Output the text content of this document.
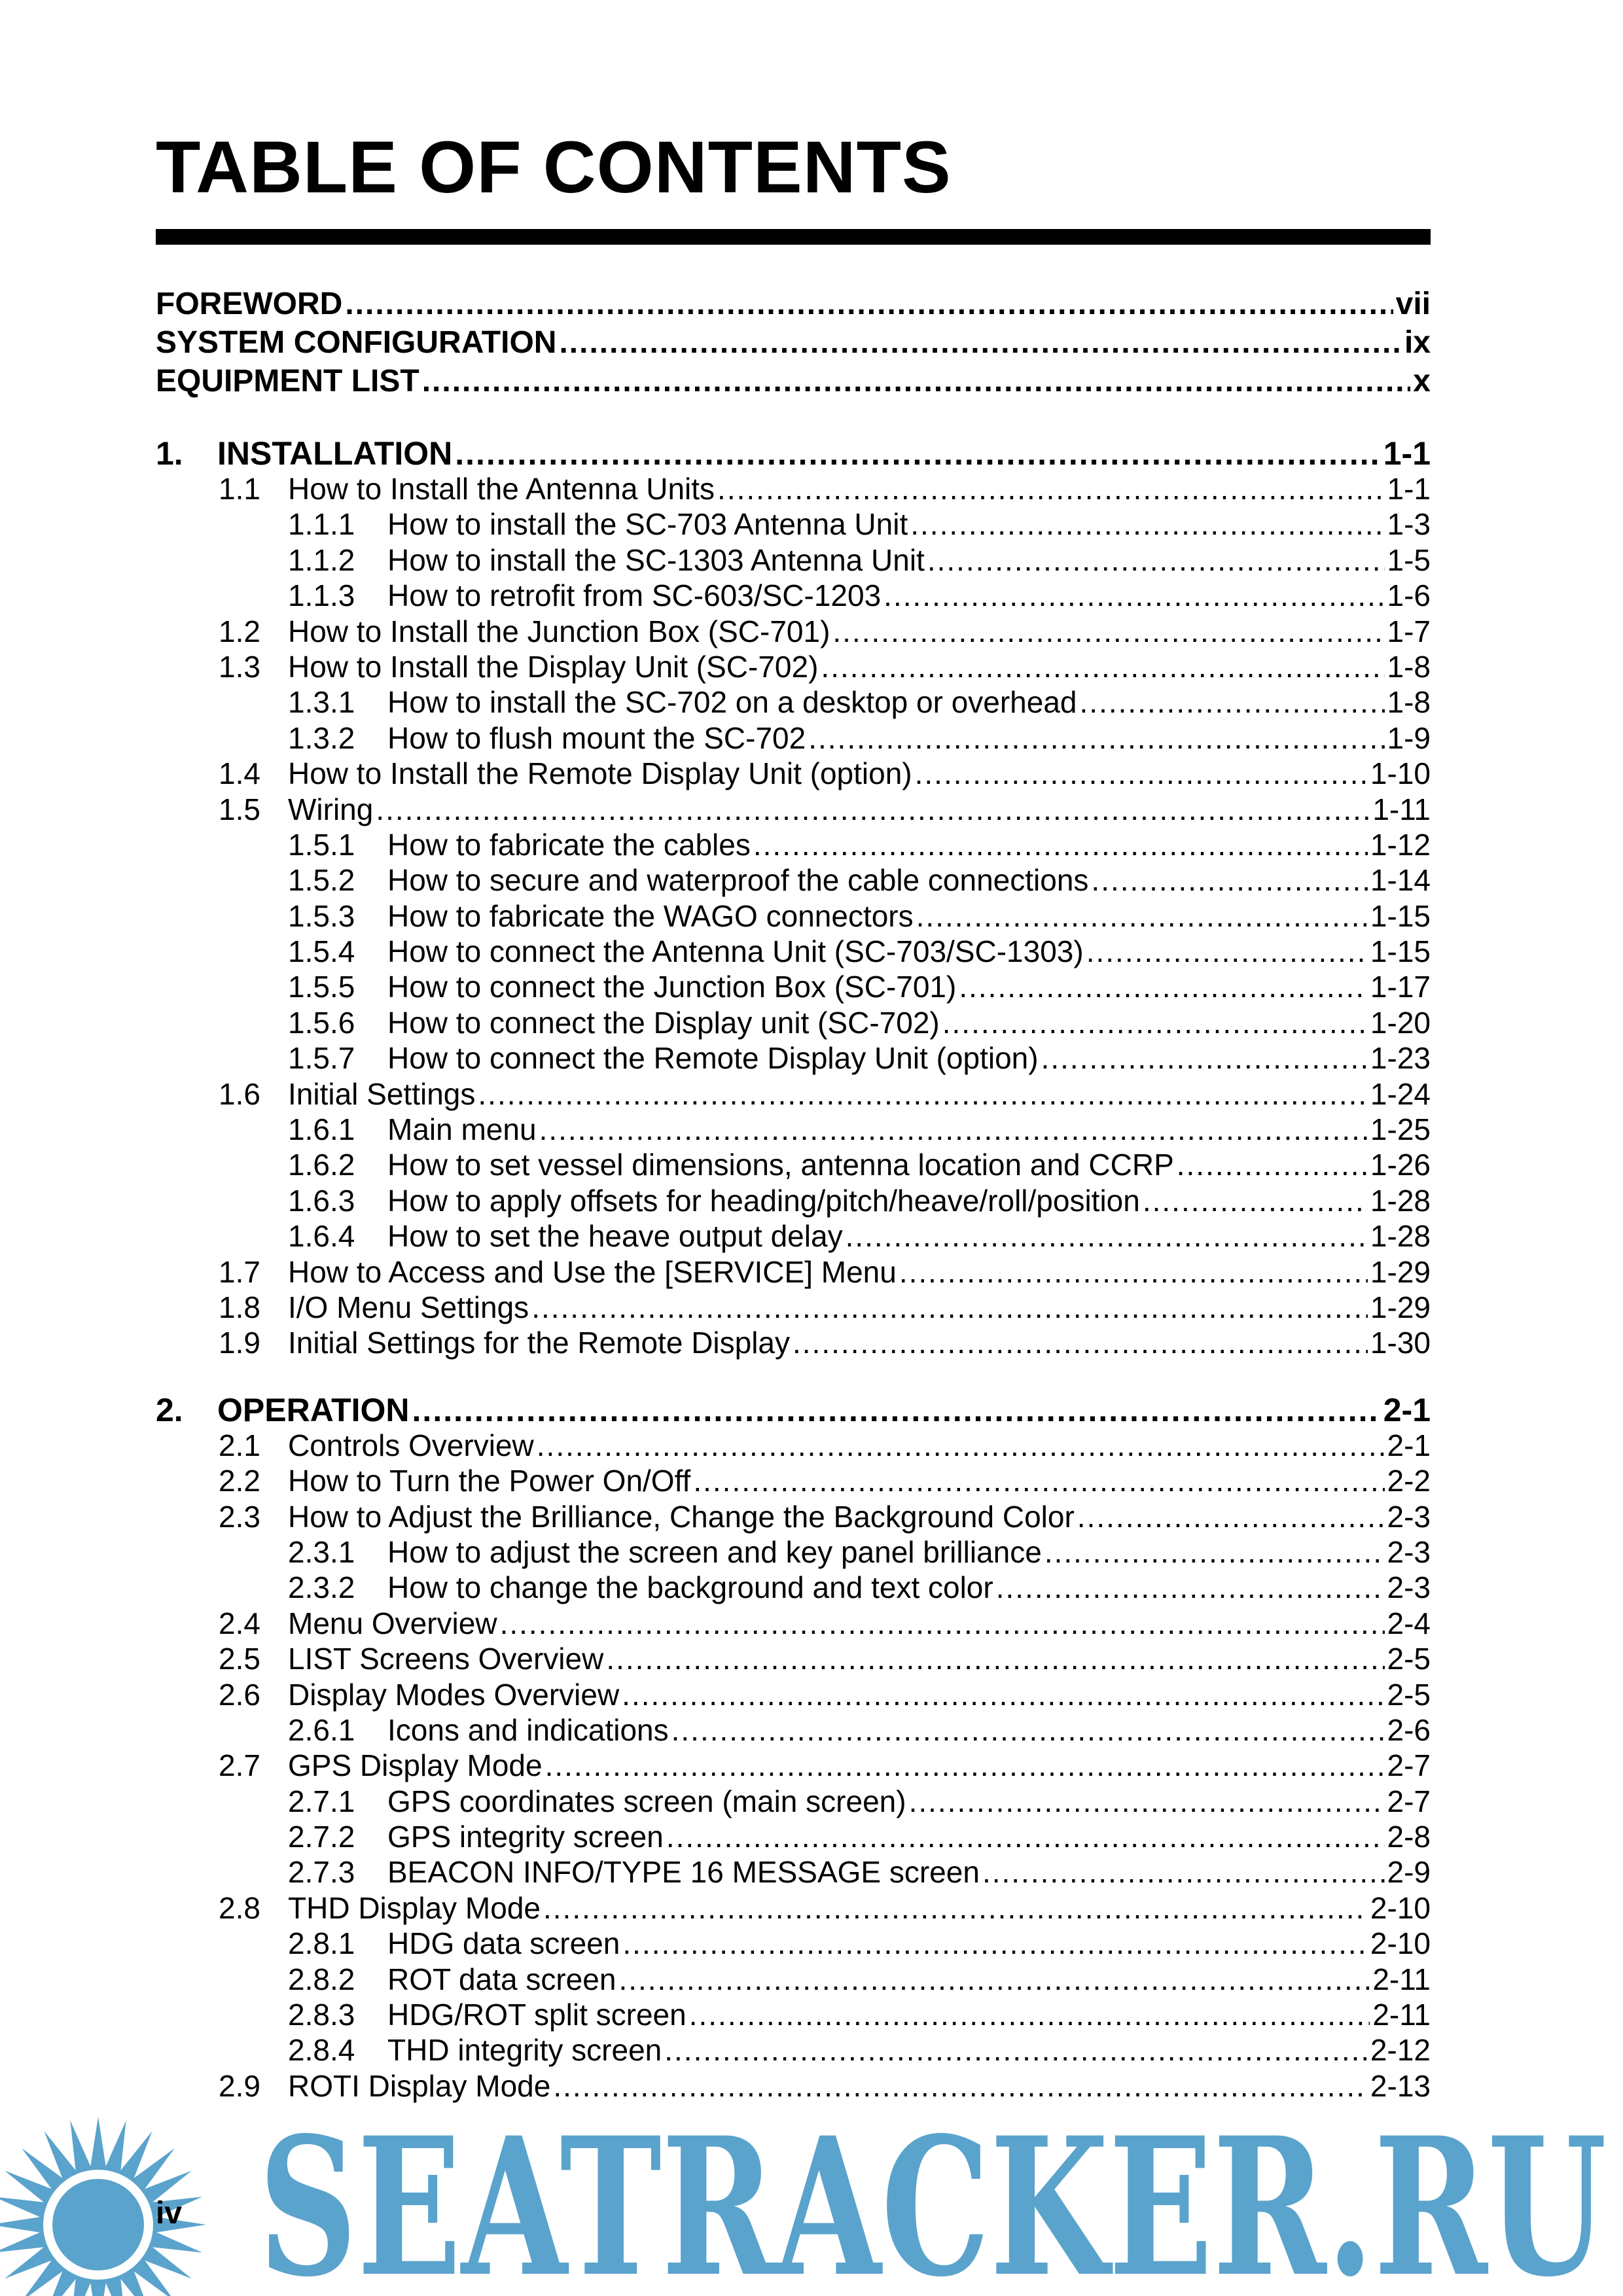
TABLE OF CONTENTS
FOREWORD .....	vii
SYSTEM CONFIGURATION .....	ix
EQUIPMENT LIST .....	x
1.	INSTALLATION .....	1-1
1.1 How to Install the Antenna Units .....	1-1
1.1.1	How to install the SC-703 Antenna Unit .....	1-3
1.1.2	How to install the SC-1303 Antenna Unit .....	1-5
1.1.3	How to retrofit from SC-603/SC-1203 .....	1-6
1.2 How to Install the Junction Box (SC-701) .....	1-7
1.3 How to Install the Display Unit (SC-702) .....	1-8
1.3.1	How to install the SC-702 on a desktop or overhead .....	1-8
1.3.2	How to flush mount the SC-702 .....	1-9
1.4 How to Install the Remote Display Unit (option) .....	1-10
1.5 Wiring .....	1-11
1.5.1	How to fabricate the cables .....	1-12
1.5.2	How to secure and waterproof the cable connections .....	1-14
1.5.3	How to fabricate the WAGO connectors .....	1-15
1.5.4	How to connect the Antenna Unit (SC-703/SC-1303) .....	1-15
1.5.5	How to connect the Junction Box (SC-701) .....	1-17
1.5.6	How to connect the Display unit (SC-702) .....	1-20
1.5.7	How to connect the Remote Display Unit (option) .....	1-23
1.6 Initial Settings .....	1-24
1.6.1	Main menu .....	1-25
1.6.2	How to set vessel dimensions, antenna location and CCRP .....	1-26
1.6.3	How to apply offsets for heading/pitch/heave/roll/position .....	1-28
1.6.4	How to set the heave output delay .....	1-28
1.7 How to Access and Use the [SERVICE] Menu .....	1-29
1.8 I/O Menu Settings .....	1-29
1.9 Initial Settings for the Remote Display .....	1-30
2.	OPERATION .....	2-1
2.1 Controls Overview .....	2-1
2.2 How to Turn the Power On/Off .....	2-2
2.3 How to Adjust the Brilliance, Change the Background Color .....	2-3
2.3.1	How to adjust the screen and key panel brilliance .....	2-3
2.3.2	How to change the background and text color .....	2-3
2.4 Menu Overview .....	2-4
2.5 LIST Screens Overview .....	2-5
2.6 Display Modes Overview .....	2-5
2.6.1	Icons and indications .....	2-6
2.7 GPS Display Mode .....	2-7
2.7.1	GPS coordinates screen (main screen) .....	2-7
2.7.2	GPS integrity screen .....	2-8
2.7.3	BEACON INFO/TYPE 16 MESSAGE screen .....	2-9
2.8 THD Display Mode .....	2-10
2.8.1	HDG data screen .....	2-10
2.8.2	ROT data screen .....	2-11
2.8.3	HDG/ROT split screen .....	2-11
2.8.4	THD integrity screen .....	2-12
2.9 ROTI Display Mode .....	2-13
SEATRACKER.RU
iv
